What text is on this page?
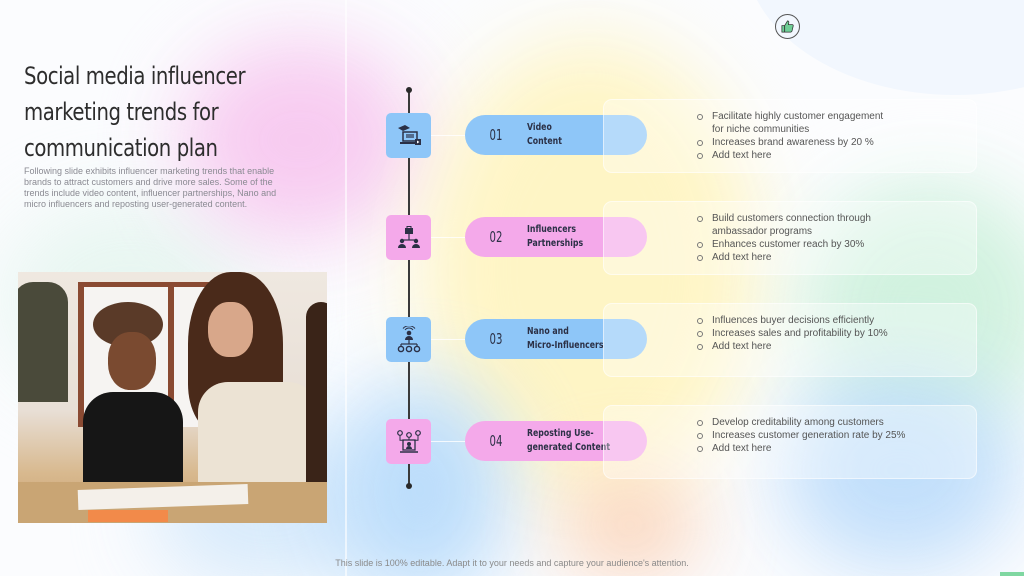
Social media influencer marketing trends for communication plan

Following slide exhibits influencer marketing trends that enable brands to attract customers and drive more sales. Some of the trends include video content, influencer partnerships, Nano and micro influencers and reposting user-generated content.

01	Video
Content
Facilitate highly customer engagement
for niche communities
Increases brand awareness by 20 %
Add text here
02	Influencers
Partnerships
Build customers connection through
ambassador programs
Enhances customer reach by 30%
Add text here
03	Nano and
Micro-Influencers
Influences buyer decisions efficiently
Increases sales and profitability by 10%
Add text here
04	Reposting Use-
generated Content
Develop creditability among customers
Increases customer generation rate by 25%
Add text here
This slide is 100% editable. Adapt it to your needs and capture your audience's attention.
